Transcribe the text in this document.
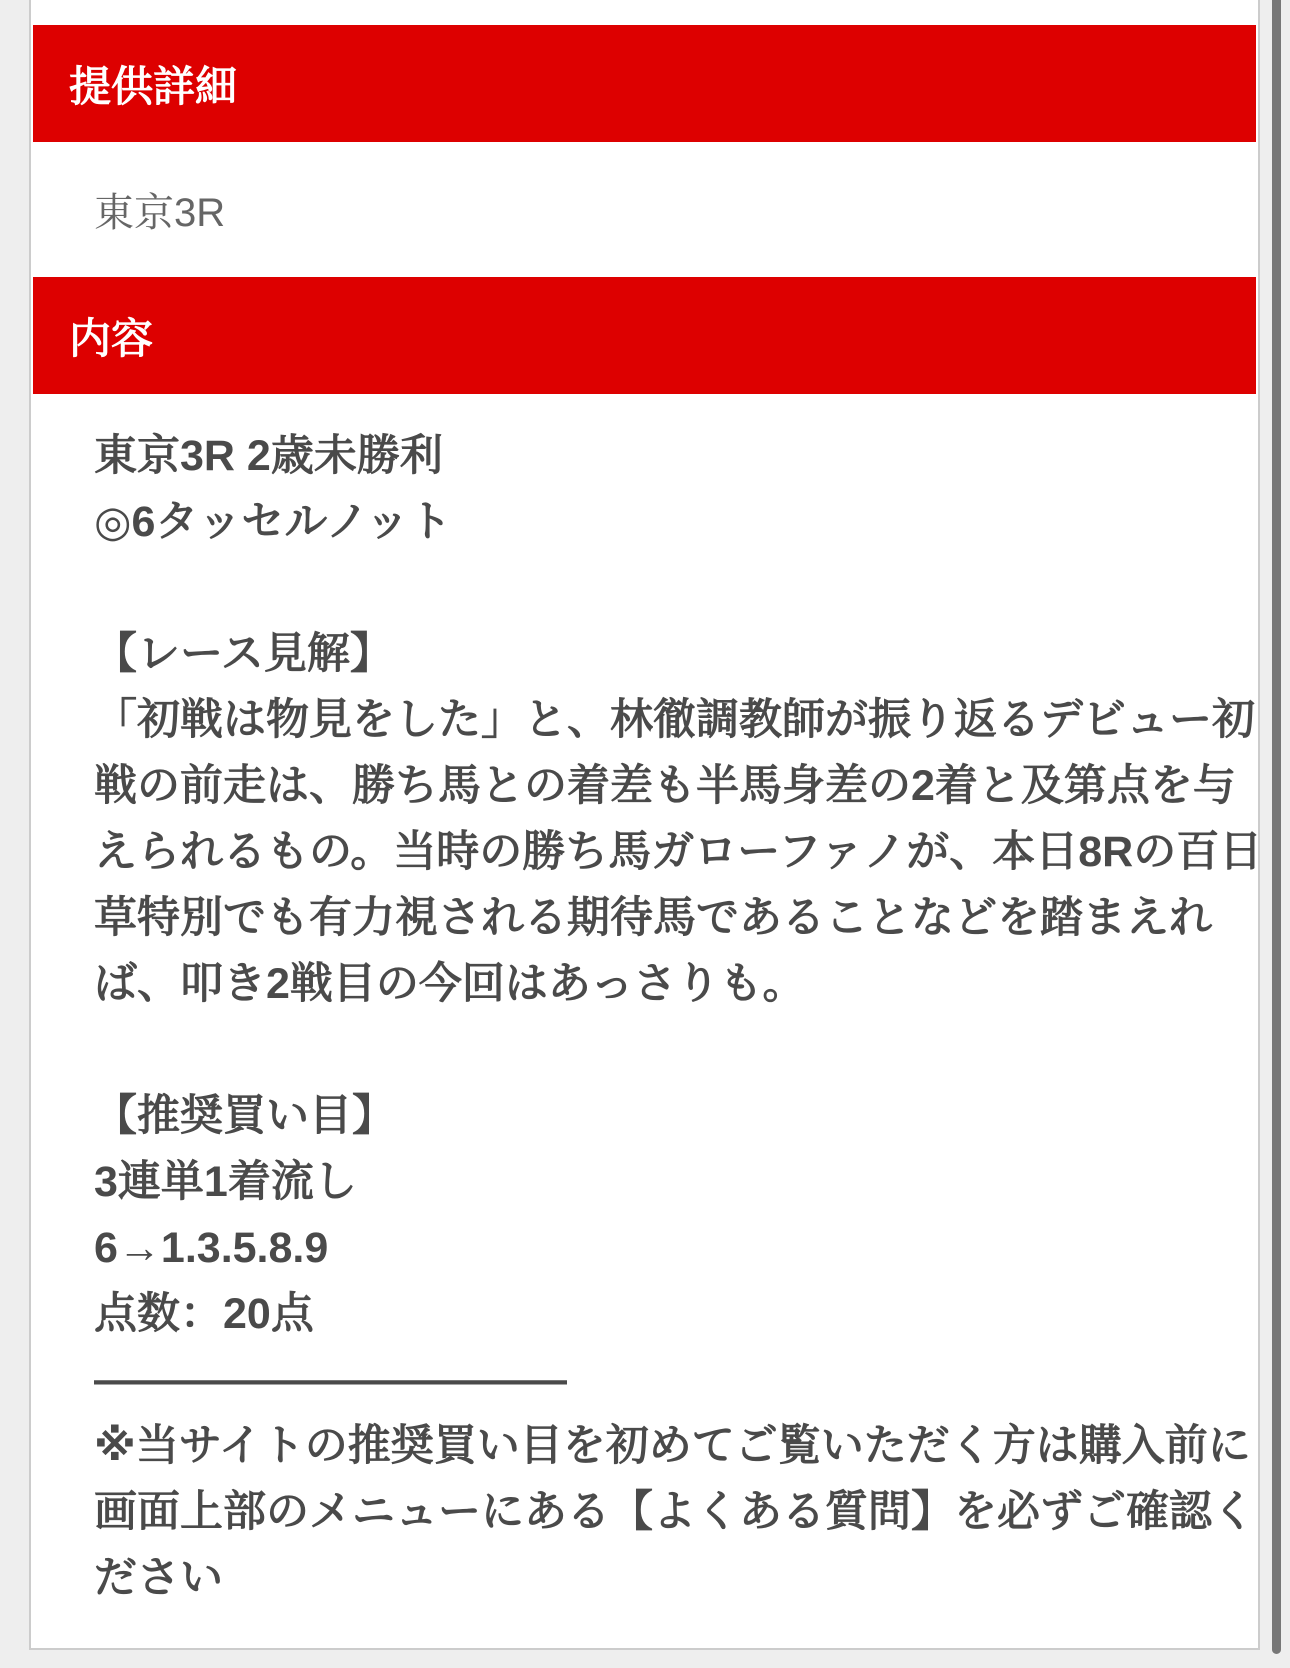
提供詳細
東京3R
内容
東京3R 2歳未勝利
◎6タッセルノット
【レース見解】
「初戦は物見をした」と、林徹調教師が振り返るデビュー初
戦の前走は、勝ち馬との着差も半馬身差の2着と及第点を与
えられるもの。当時の勝ち馬ガローファノが、本日8Rの百日
草特別でも有力視される期待馬であることなどを踏まえれ
ば、叩き2戦目の今回はあっさりも。
【推奨買い目】
3連単1着流し
6→1.3.5.8.9
点数：20点
―――――――――――
※当サイトの推奨買い目を初めてご覧いただく方は購入前に
画面上部のメニューにある【よくある質問】を必ずご確認く
ださい
